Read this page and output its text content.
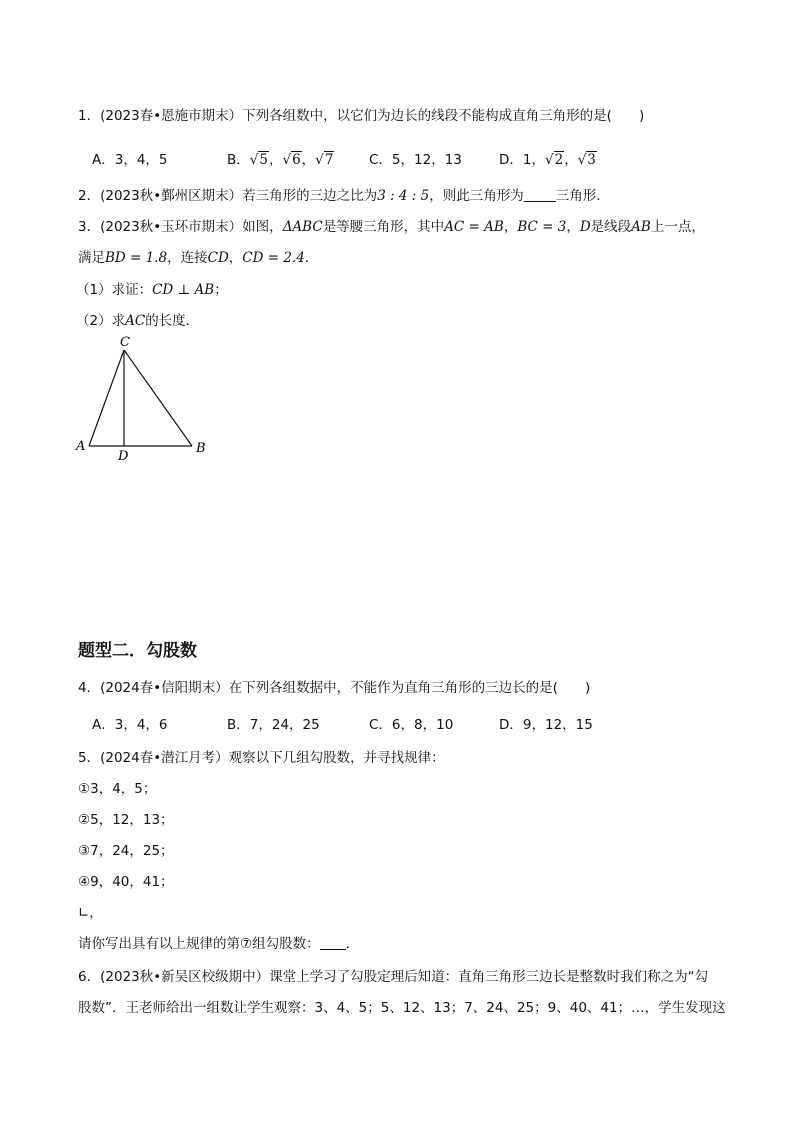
1．(2023春•恩施市期末）下列各组数中，以它们为边长的线段不能构成直角三角形的是(　　)
A．3，4，5	B．√5，√6，√7	C．5，12，13	D．1，√2，√3
2．(2023秋•鄞州区期末）若三角形的三边之比为3 : 4 : 5，则此三角形为 三角形．
3．(2023秋•玉环市期末）如图，ΔABC是等腰三角形，其中AC = AB，BC = 3，D是线段AB上一点，
满足BD = 1.8，连接CD，CD = 2.4．
（1）求证：CD ⊥ AB；
（2）求AC的长度．
C
A	B
D
题型二．勾股数
4．(2024春•信阳期末）在下列各组数据中，不能作为直角三角形的三边长的是(　　)
A．3，4，6	B．7，24，25	C．6，8，10	D．9，12，15
5．(2024春•潜江月考）观察以下几组勾股数，并寻找规律：
①3，4，5；
②5，12，13；
③7，24，25；
④9，40，41；
∟，
请你写出具有以上规律的第⑦组勾股数： ．
6．(2023秋•新吴区校级期中）课堂上学习了勾股定理后知道：直角三角形三边长是整数时我们称之为“勾
股数”．王老师给出一组数让学生观察：3、4、5；5、12、13；7、24、25；9、40、41；…，学生发现这
